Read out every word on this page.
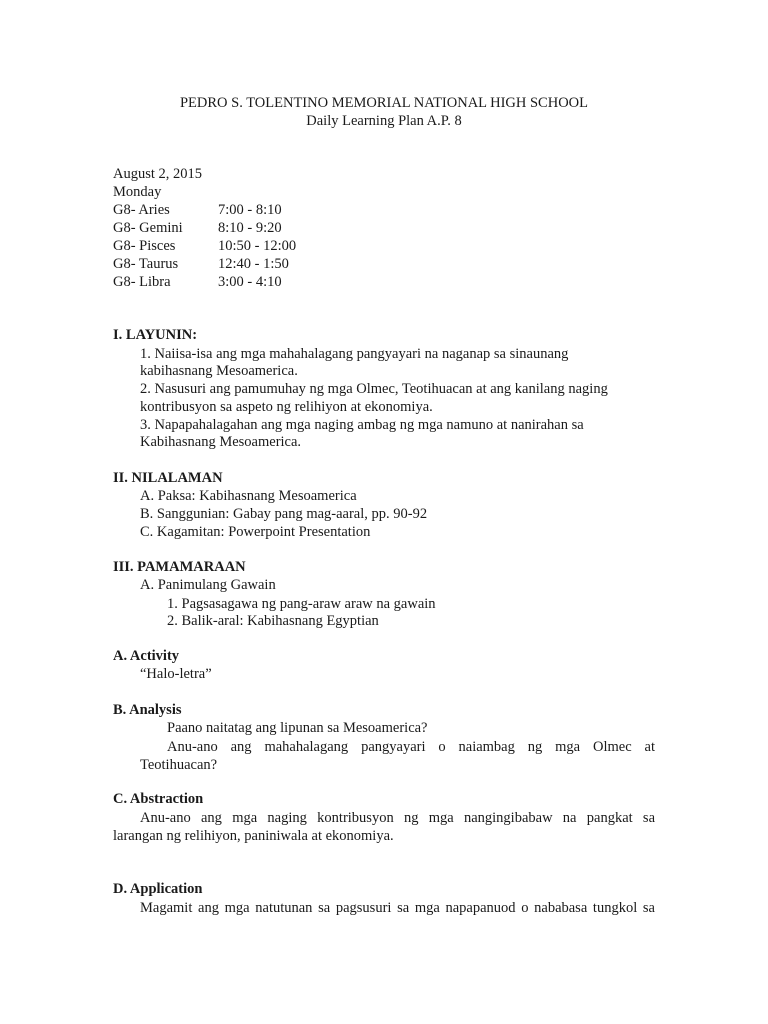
PEDRO S. TOLENTINO MEMORIAL NATIONAL HIGH SCHOOL
Daily Learning Plan A.P. 8
August 2, 2015
Monday
G8- Aries	7:00 - 8:10
G8- Gemini 8:10 - 9:20
G8- Pisces	10:50 - 12:00
G8- Taurus	12:40 - 1:50
G8- Libra	3:00 - 4:10
I. LAYUNIN:
1. Naiisa-isa ang mga mahahalagang pangyayari na naganap sa sinaunang
kabihasnang Mesoamerica.
2. Nasusuri ang pamumuhay ng mga Olmec, Teotihuacan at ang kanilang naging
kontribusyon sa aspeto ng relihiyon at ekonomiya.
3. Napapahalagahan ang mga naging ambag ng mga namuno at nanirahan sa
Kabihasnang Mesoamerica.
II. NILALAMAN
A. Paksa: Kabihasnang Mesoamerica
B. Sanggunian: Gabay pang mag-aaral, pp. 90-92
C. Kagamitan: Powerpoint Presentation
III. PAMAMARAAN
A. Panimulang Gawain
1. Pagsasagawa ng pang-araw araw na gawain
2. Balik-aral: Kabihasnang Egyptian
A. Activity
“Halo-letra”
B. Analysis
Paano naitatag ang lipunan sa Mesoamerica?
Anu-ano ang mahahalagang pangyayari o naiambag ng mga Olmec at
Teotihuacan?
C. Abstraction
Anu-ano ang mga naging kontribusyon ng mga nangingibabaw na pangkat sa
larangan ng relihiyon, paniniwala at ekonomiya.
D. Application
Magamit ang mga natutunan sa pagsusuri sa mga napapanuod o nababasa tungkol sa
